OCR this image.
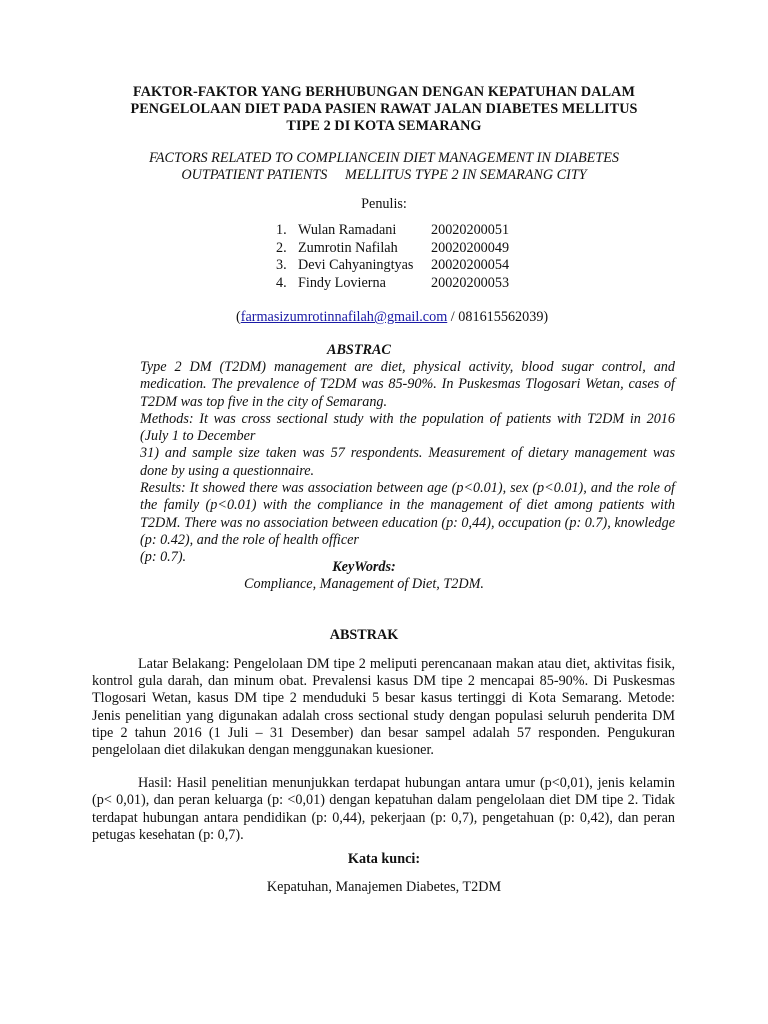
FAKTOR-FAKTOR YANG BERHUBUNGAN DENGAN KEPATUHAN DALAM
PENGELOLAAN DIET PADA PASIEN RAWAT JALAN DIABETES MELLITUS
TIPE 2 DI KOTA SEMARANG
FACTORS RELATED TO COMPLIANCEIN DIET MANAGEMENT IN DIABETES
OUTPATIENT PATIENTS     MELLITUS TYPE 2 IN SEMARANG CITY
Penulis:
1. Wulan Ramadani 20020200051
2. Zumrotin Nafilah 20020200049
3. Devi Cahyaningtyas 20020200054
4. Findy Lovierna	20020200053
(farmasizumrotinnafilah@gmail.com / 081615562039)
ABSTRAC

Type 2 DM (T2DM) management are diet, physical activity, blood sugar control, and medication. The prevalence of T2DM was 85-90%. In Puskesmas Tlogosari Wetan, cases of T2DM was top five in the city of Semarang.

Methods: It was cross sectional study with the population of patients with T2DM in 2016 (July 1 to December

31) and sample size taken was 57 respondents. Measurement of dietary management was done by using a questionnaire.

Results: It showed there was association between age (p<0.01), sex (p<0.01), and the role of the family (p<0.01) with the compliance in the management of diet among patients with T2DM. There was no association between education (p: 0,44), occupation (p: 0.7), knowledge (p: 0.42), and the role of health officer

(p: 0.7).

KeyWords:
Compliance, Management of Diet, T2DM.
ABSTRAK

Latar Belakang: Pengelolaan DM tipe 2 meliputi perencanaan makan atau diet, aktivitas fisik, kontrol gula darah, dan minum obat. Prevalensi kasus DM tipe 2 mencapai 85-90%. Di Puskesmas Tlogosari Wetan, kasus DM tipe 2 menduduki 5 besar kasus tertinggi di Kota Semarang. Metode: Jenis penelitian yang digunakan adalah cross sectional study dengan populasi seluruh penderita DM tipe 2 tahun 2016 (1 Juli – 31 Desember) dan besar sampel adalah 57 responden. Pengukuran pengelolaan diet dilakukan dengan menggunakan kuesioner.

Hasil: Hasil penelitian menunjukkan terdapat hubungan antara umur (p<0,01), jenis kelamin (p< 0,01), dan peran keluarga (p: <0,01) dengan kepatuhan dalam pengelolaan diet DM tipe 2. Tidak terdapat hubungan antara pendidikan (p: 0,44), pekerjaan (p: 0,7), pengetahuan (p: 0,42), dan peran petugas kesehatan (p: 0,7).

Kata kunci:
Kepatuhan, Manajemen Diabetes, T2DM
